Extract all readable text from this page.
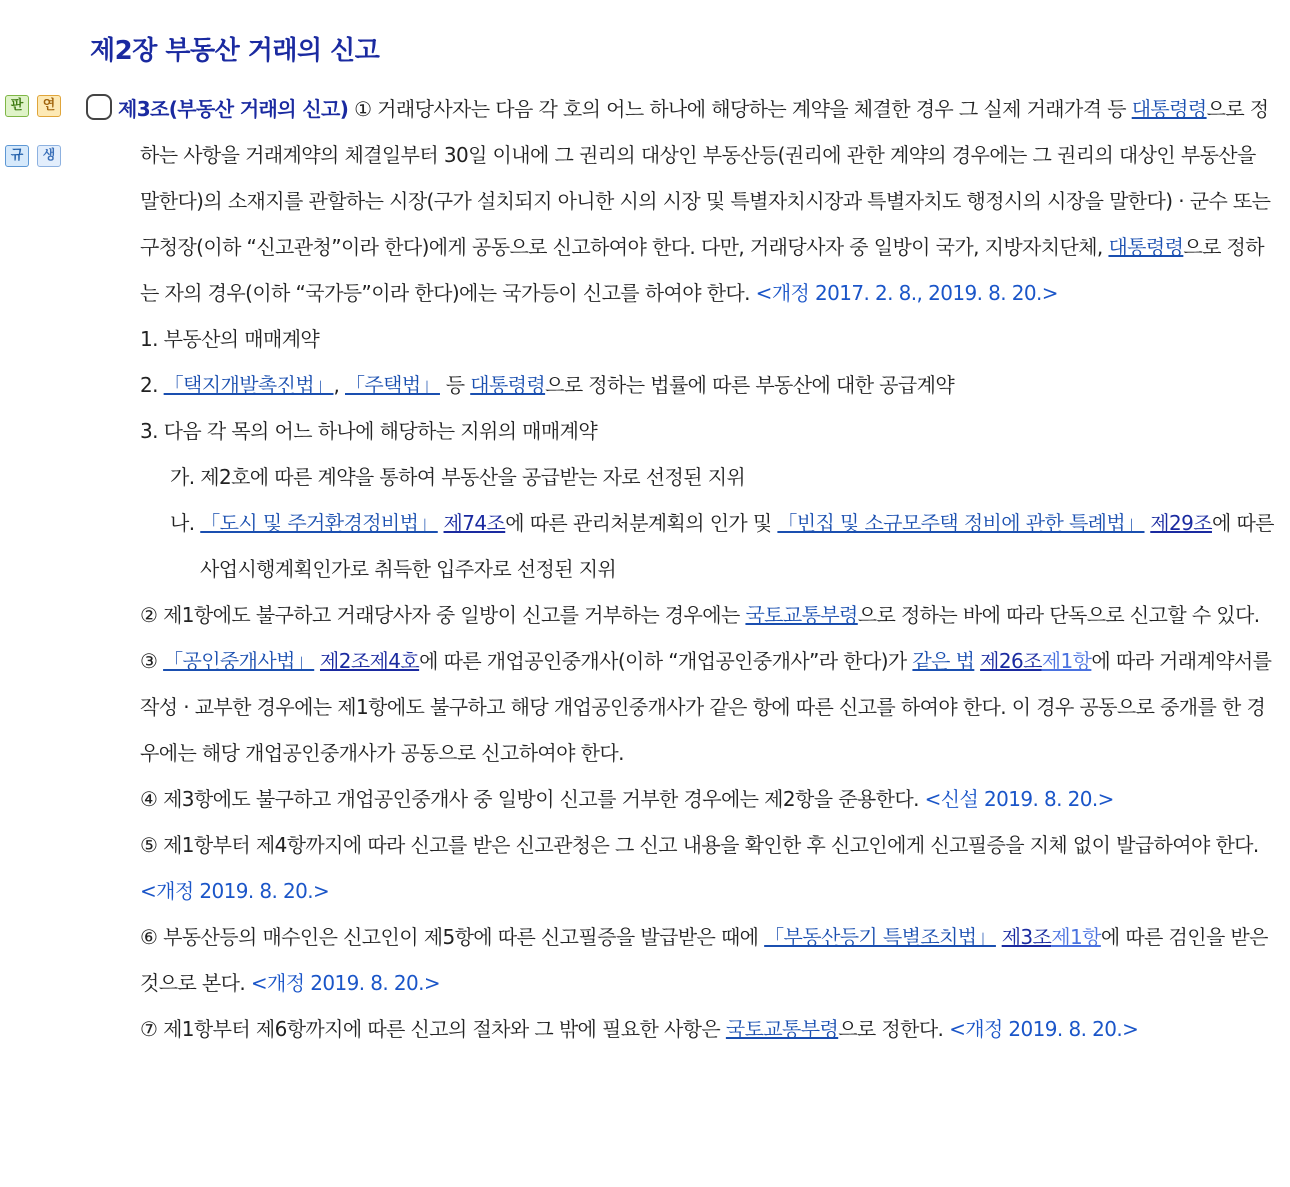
제2장 부동산 거래의 신고
판	연
규	생

제3조(부동산 거래의 신고) ① 거래당사자는 다음 각 호의 어느 하나에 해당하는 계약을 체결한 경우 그 실제 거래가격 등 대통령령으로 정하는 사항을 거래계약의 체결일부터 30일 이내에 그 권리의 대상인 부동산등(권리에 관한 계약의 경우에는 그 권리의 대상인 부동산을 말한다)의 소재지를 관할하는 시장(구가 설치되지 아니한 시의 시장 및 특별자치시장과 특별자치도 행정시의 시장을 말한다) · 군수 또는 구청장(이하 “신고관청”이라 한다)에게 공동으로 신고하여야 한다. 다만, 거래당사자 중 일방이 국가, 지방자치단체, 대통령령으로 정하는 자의 경우(이하 “국가등”이라 한다)에는 국가등이 신고를 하여야 한다. <개정 2017. 2. 8., 2019. 8. 20.>

1. 부동산의 매매계약

2. 「택지개발촉진법」, 「주택법」 등 대통령령으로 정하는 법률에 따른 부동산에 대한 공급계약

3. 다음 각 목의 어느 하나에 해당하는 지위의 매매계약

가. 제2호에 따른 계약을 통하여 부동산을 공급받는 자로 선정된 지위

나. 「도시 및 주거환경정비법」 제74조에 따른 관리처분계획의 인가 및 「빈집 및 소규모주택 정비에 관한 특례법」 제29조에 따른 사업시행계획인가로 취득한 입주자로 선정된 지위

② 제1항에도 불구하고 거래당사자 중 일방이 신고를 거부하는 경우에는 국토교통부령으로 정하는 바에 따라 단독으로 신고할 수 있다.

③ 「공인중개사법」 제2조제4호에 따른 개업공인중개사(이하 “개업공인중개사”라 한다)가 같은 법 제26조제1항에 따라 거래계약서를 작성 · 교부한 경우에는 제1항에도 불구하고 해당 개업공인중개사가 같은 항에 따른 신고를 하여야 한다. 이 경우 공동으로 중개를 한 경우에는 해당 개업공인중개사가 공동으로 신고하여야 한다.

④ 제3항에도 불구하고 개업공인중개사 중 일방이 신고를 거부한 경우에는 제2항을 준용한다. <신설 2019. 8. 20.>

⑤ 제1항부터 제4항까지에 따라 신고를 받은 신고관청은 그 신고 내용을 확인한 후 신고인에게 신고필증을 지체 없이 발급하여야 한다. <개정 2019. 8. 20.>

⑥ 부동산등의 매수인은 신고인이 제5항에 따른 신고필증을 발급받은 때에 「부동산등기 특별조치법」 제3조제1항에 따른 검인을 받은 것으로 본다. <개정 2019. 8. 20.>

⑦ 제1항부터 제6항까지에 따른 신고의 절차와 그 밖에 필요한 사항은 국토교통부령으로 정한다. <개정 2019. 8. 20.>
